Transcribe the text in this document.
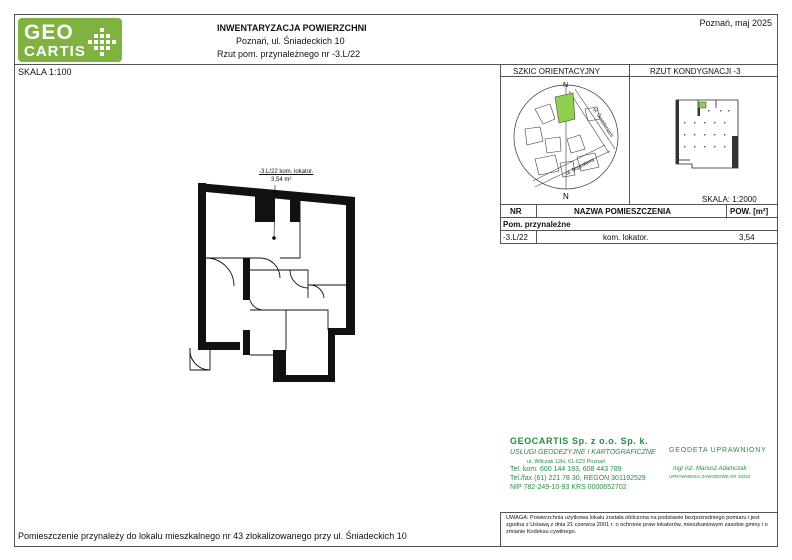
GEO
CARTIS
INWENTARYZACJA POWIERZCHNI
Poznań, ul. Śniadeckich 10
Rzut pom. przynależnego nr -3.L/22
Poznań, maj 2025
SKALA 1:100
-3.L/22 kom. lokator.
3,54 m²
SZKIC ORIENTACYJNY	RZUT KONDYGNACJI -3
ul. Śniadeckich
ul. Bogusława
N
N	SKALA: 1:2000
NR	NAZWA POMIESZCZENIA	POW. [m²]
Pom. przynależne
-3.L/22	kom. lokator.	3,54
GEOCARTIS Sp. z o.o. Sp. k.
USŁUGI GEODEZYJNE I KARTOGRAFICZNE
ul. Wilczak 12H, 61-623 Poznań
Tel. kom. 600 144 193, 608 443 789
Tel./fax (61) 221 78 30, REGON 301192529
NIP 782-249-10-93 KRS 0000652702
GEODETA UPRAWNIONY
mgr inż. Mariusz Adamczak
UPRAWNIENIA ZAWODOWE NR 19234
UWAGA: Powierzchnia użytkowa lokalu została obliczona na podstawie bezpośredniego pomiaru i jest zgodna z Ustawą z dnia 21 czerwca 2001 r. o ochronie praw lokatorów, mieszkaniowym zasobie gminy i o zmianie Kodeksu cywilnego.
Pomieszczenie przynależy do lokalu mieszkalnego nr 43 zlokalizowanego przy ul. Śniadeckich 10
